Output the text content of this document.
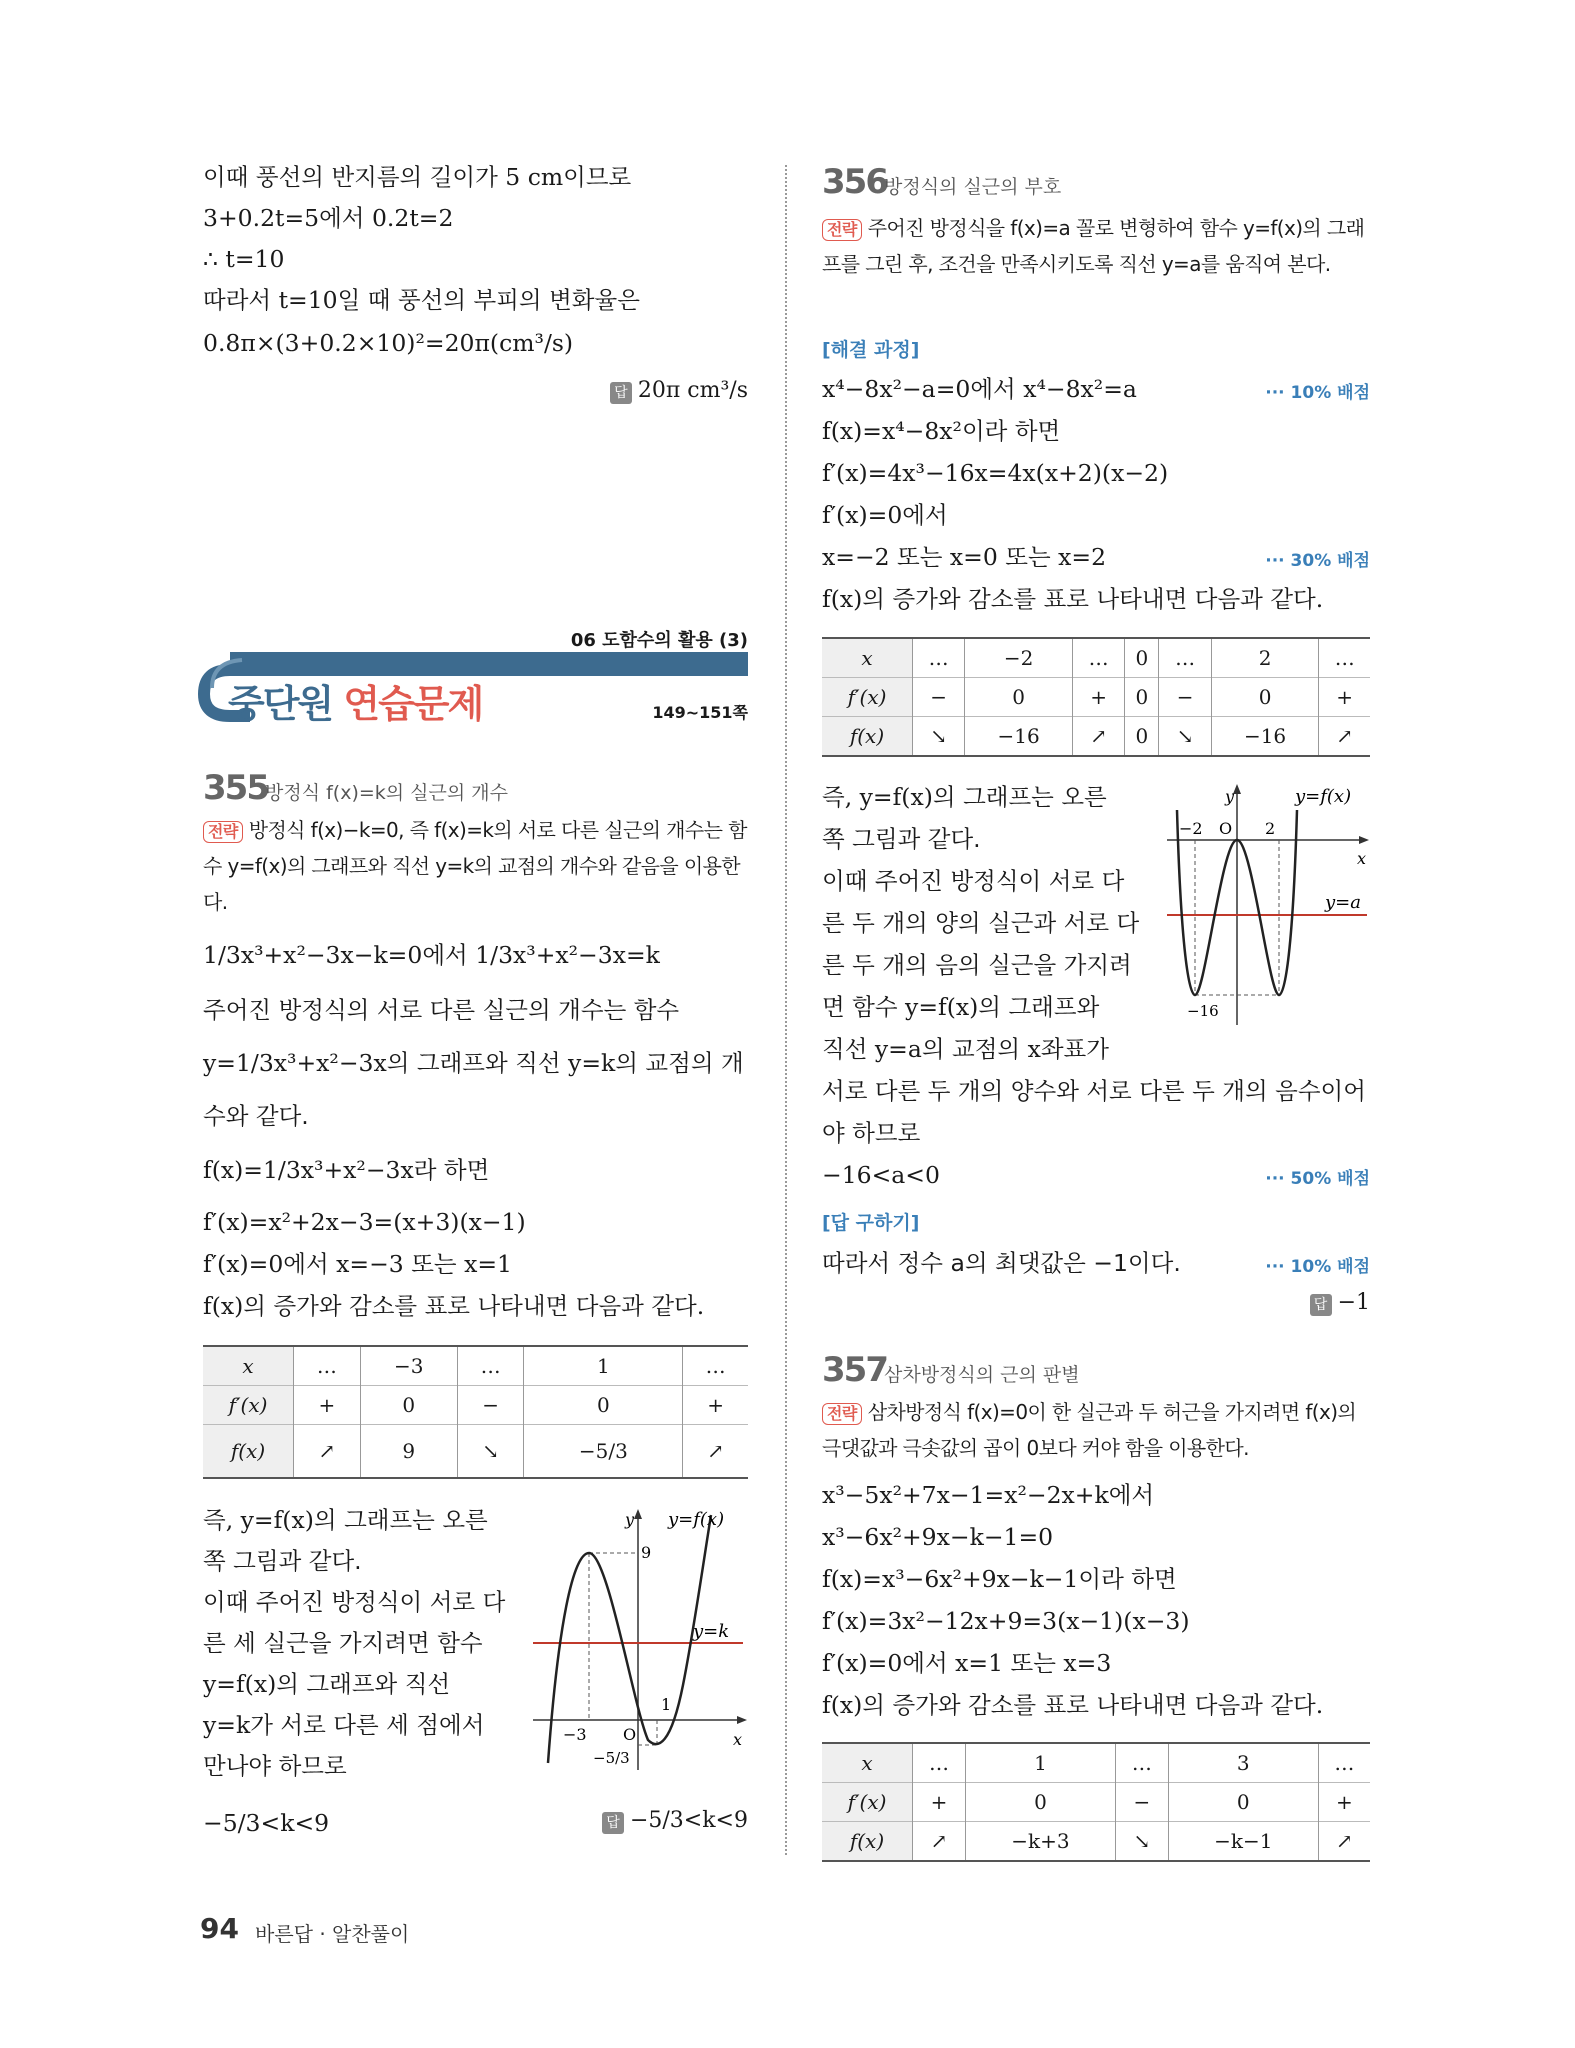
이때 풍선의 반지름의 길이가 5 cm이므로
3+0.2t=5에서 0.2t=2
∴ t=10
따라서 t=10일 때 풍선의 부피의 변화율은
0.8π×(3+0.2×10)²=20π(cm³/s)
답 20π cm³/s
06 도함수의 활용 (3)
중단원 연습문제	149~151쪽
355
방정식 f(x)=k의 실근의 개수
전략 방정식 f(x)−k=0, 즉 f(x)=k의 서로 다른 실근의 개수는 함수 y=f(x)의 그래프와 직선 y=k의 교점의 개수와 같음을 이용한다.
1/3x³+x²−3x−k=0에서 1/3x³+x²−3x=k
주어진 방정식의 서로 다른 실근의 개수는 함수
y=1/3x³+x²−3x의 그래프와 직선 y=k의 교점의 개
수와 같다.
f(x)=1/3x³+x²−3x라 하면
f′(x)=x²+2x−3=(x+3)(x−1)
f′(x)=0에서 x=−3 또는 x=1
f(x)의 증가와 감소를 표로 나타내면 다음과 같다.
x	…	−3	…	1	…
f′(x)	+	0	−	0	+
f(x)	↗	9	↘	−5/3	↗
즉, y=f(x)의 그래프는 오른
쪽 그림과 같다.
이때 주어진 방정식이 서로 다
른 세 실근을 가지려면 함수
y=f(x)의 그래프와 직선
y=k가 서로 다른 세 점에서
만나야 하므로
−5/3<k<9	답 −5/3<k<9
y
x
y=f(x)
y=k
9
−3 O
1
−5/3
94 바른답 · 알찬풀이
356
방정식의 실근의 부호
전략 주어진 방정식을 f(x)=a 꼴로 변형하여 함수 y=f(x)의 그래프를 그린 후, 조건을 만족시키도록 직선 y=a를 움직여 본다.
[해결 과정]
x⁴−8x²−a=0에서 x⁴−8x²=a	··· 10% 배점
f(x)=x⁴−8x²이라 하면
f′(x)=4x³−16x=4x(x+2)(x−2)
f′(x)=0에서
x=−2 또는 x=0 또는 x=2	··· 30% 배점
f(x)의 증가와 감소를 표로 나타내면 다음과 같다.
x	…	−2	…	0	…	2	…
f′(x)	−	0	+	0	−	0	+
f(x)	↘	−16	↗	0	↘	−16	↗
즉, y=f(x)의 그래프는 오른
쪽 그림과 같다.
이때 주어진 방정식이 서로 다
른 두 개의 양의 실근과 서로 다
른 두 개의 음의 실근을 가지려
면 함수 y=f(x)의 그래프와
직선 y=a의 교점의 x좌표가
서로 다른 두 개의 양수와 서로 다른 두 개의 음수이어
야 하므로
−16<a<0	··· 50% 배점
[답 구하기]
따라서 정수 a의 최댓값은 −1이다.	··· 10% 배점
답 −1
y
x
y=f(x)
y=a
−2 O 2
−16
357
삼차방정식의 근의 판별
전략 삼차방정식 f(x)=0이 한 실근과 두 허근을 가지려면 f(x)의 극댓값과 극솟값의 곱이 0보다 커야 함을 이용한다.
x³−5x²+7x−1=x²−2x+k에서
x³−6x²+9x−k−1=0
f(x)=x³−6x²+9x−k−1이라 하면
f′(x)=3x²−12x+9=3(x−1)(x−3)
f′(x)=0에서 x=1 또는 x=3
f(x)의 증가와 감소를 표로 나타내면 다음과 같다.
x	…	1	…	3	…
f′(x)	+	0	−	0	+
f(x)	↗	−k+3	↘	−k−1	↗
